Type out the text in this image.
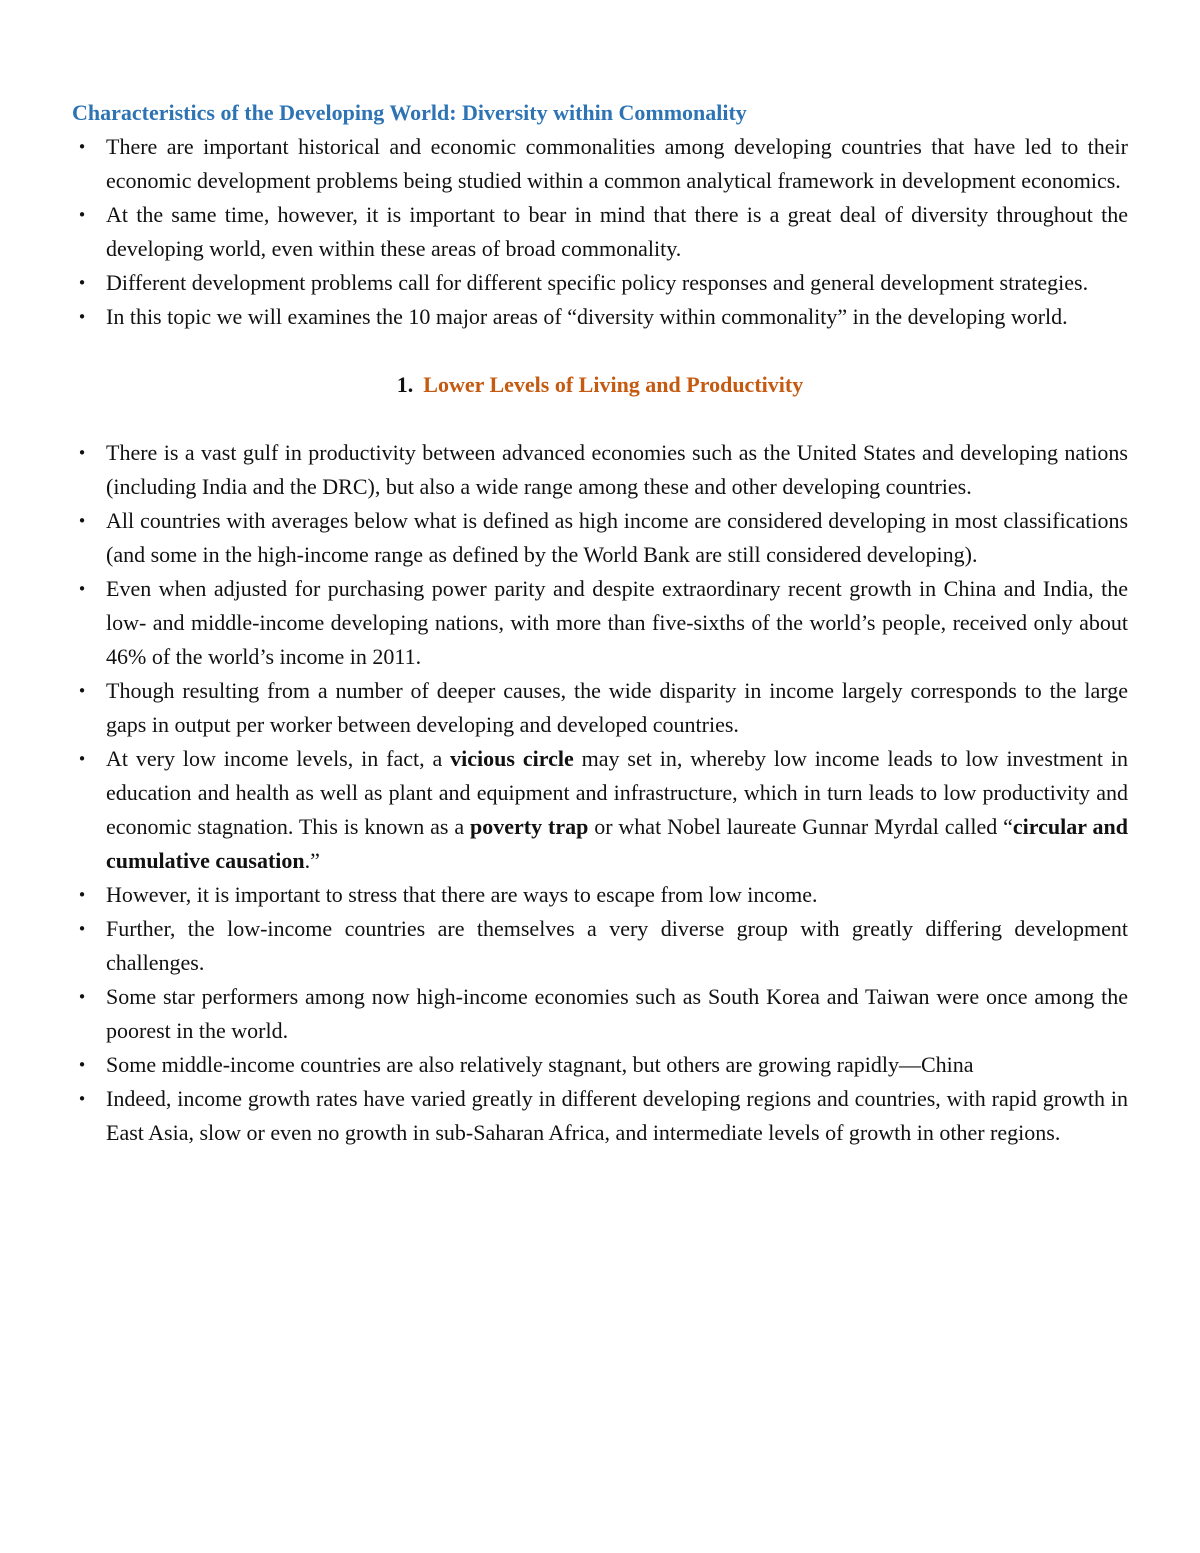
Characteristics of the Developing World: Diversity within Commonality
• There are important historical and economic commonalities among developing countries that have led to their economic development problems being studied within a common analytical framework in development economics.
• At the same time, however, it is important to bear in mind that there is a great deal of diversity throughout the developing world, even within these areas of broad commonality.
• Different development problems call for different specific policy responses and general development strategies.
• In this topic we will examines the 10 major areas of “diversity within commonality” in the developing world.
1. Lower Levels of Living and Productivity
• There is a vast gulf in productivity between advanced economies such as the United States and developing nations (including India and the DRC), but also a wide range among these and other developing countries.
• All countries with averages below what is defined as high income are considered developing in most classifications (and some in the high-income range as defined by the World Bank are still considered developing).
• Even when adjusted for purchasing power parity and despite extraordinary recent growth in China and India, the low- and middle-income developing nations, with more than five-sixths of the world’s people, received only about 46% of the world’s income in 2011.
• Though resulting from a number of deeper causes, the wide disparity in income largely corresponds to the large gaps in output per worker between developing and developed countries.
• At very low income levels, in fact, a vicious circle may set in, whereby low income leads to low investment in education and health as well as plant and equipment and infrastructure, which in turn leads to low productivity and economic stagnation. This is known as a poverty trap or what Nobel laureate Gunnar Myrdal called “circular and cumulative causation.”
• However, it is important to stress that there are ways to escape from low income.
• Further, the low-income countries are themselves a very diverse group with greatly differing development challenges.
• Some star performers among now high-income economies such as South Korea and Taiwan were once among the poorest in the world.
• Some middle-income countries are also relatively stagnant, but others are growing rapidly—China
• Indeed, income growth rates have varied greatly in different developing regions and countries, with rapid growth in East Asia, slow or even no growth in sub-Saharan Africa, and intermediate levels of growth in other regions.
